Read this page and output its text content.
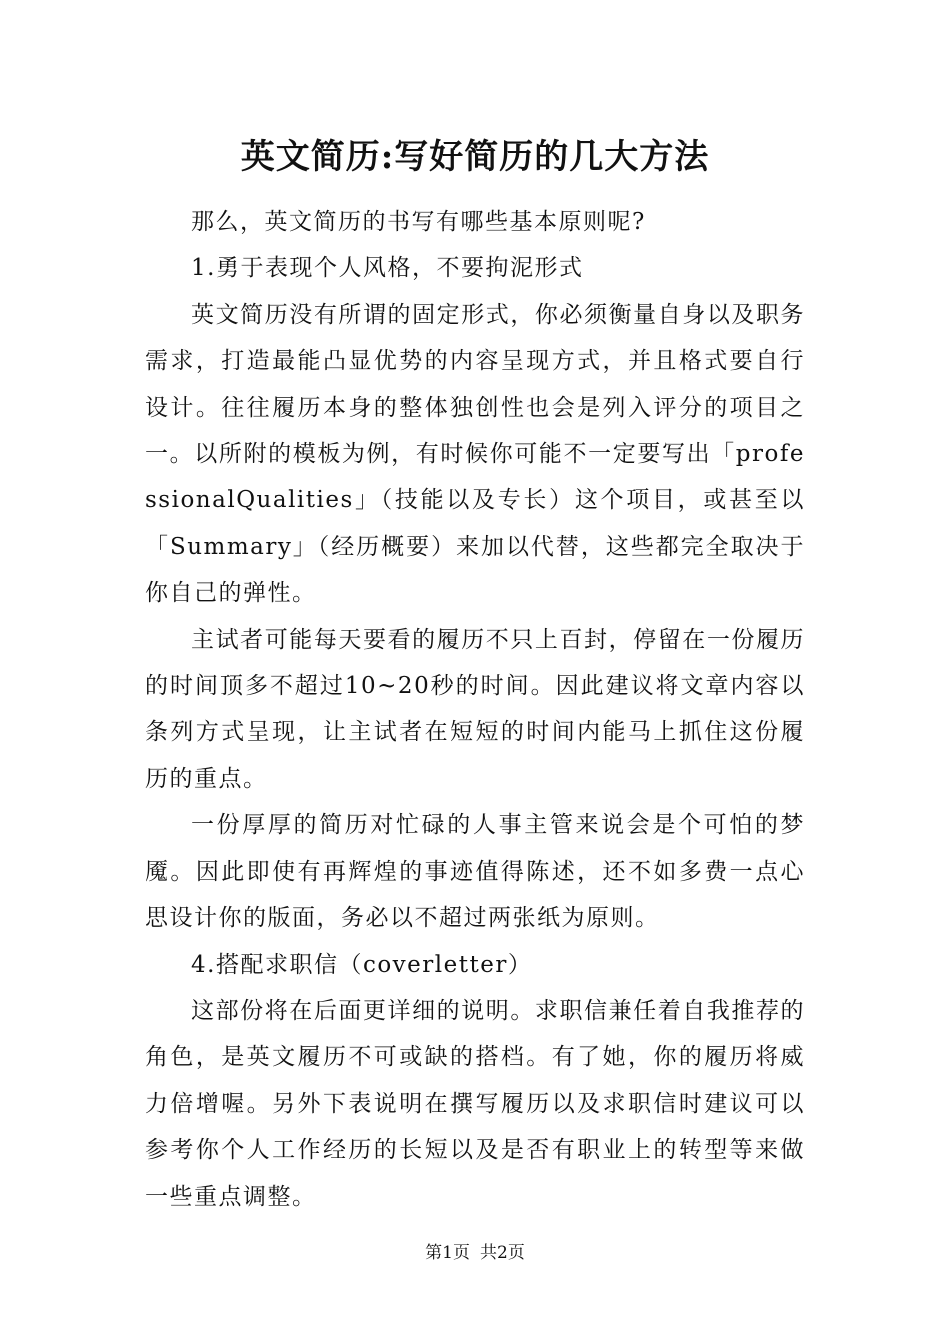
英文简历:写好简历的几大方法

那么，英文简历的书写有哪些基本原则呢?

1.勇于表现个人风格，不要拘泥形式

英文简历没有所谓的固定形式，你必须衡量自身以及职务需求，打造最能凸显优势的内容呈现方式，并且格式要自行设计。往往履历本身的整体独创性也会是列入评分的项目之一。以所附的模板为例，有时候你可能不一定要写出「professionalQualities」（技能以及专长）这个项目，或甚至以「Summary」（经历概要）来加以代替，这些都完全取决于你自己的弹性。

主试者可能每天要看的履历不只上百封，停留在一份履历的时间顶多不超过10~20秒的时间。因此建议将文章内容以条列方式呈现，让主试者在短短的时间内能马上抓住这份履历的重点。

一份厚厚的简历对忙碌的人事主管来说会是个可怕的梦魇。因此即使有再辉煌的事迹值得陈述，还不如多费一点心思设计你的版面，务必以不超过两张纸为原则。

4.搭配求职信（coverletter）

这部份将在后面更详细的说明。求职信兼任着自我推荐的角色，是英文履历不可或缺的搭档。有了她，你的履历将威力倍增喔。另外下表说明在撰写履历以及求职信时建议可以参考你个人工作经历的长短以及是否有职业上的转型等来做一些重点调整。

第1页 共2页
